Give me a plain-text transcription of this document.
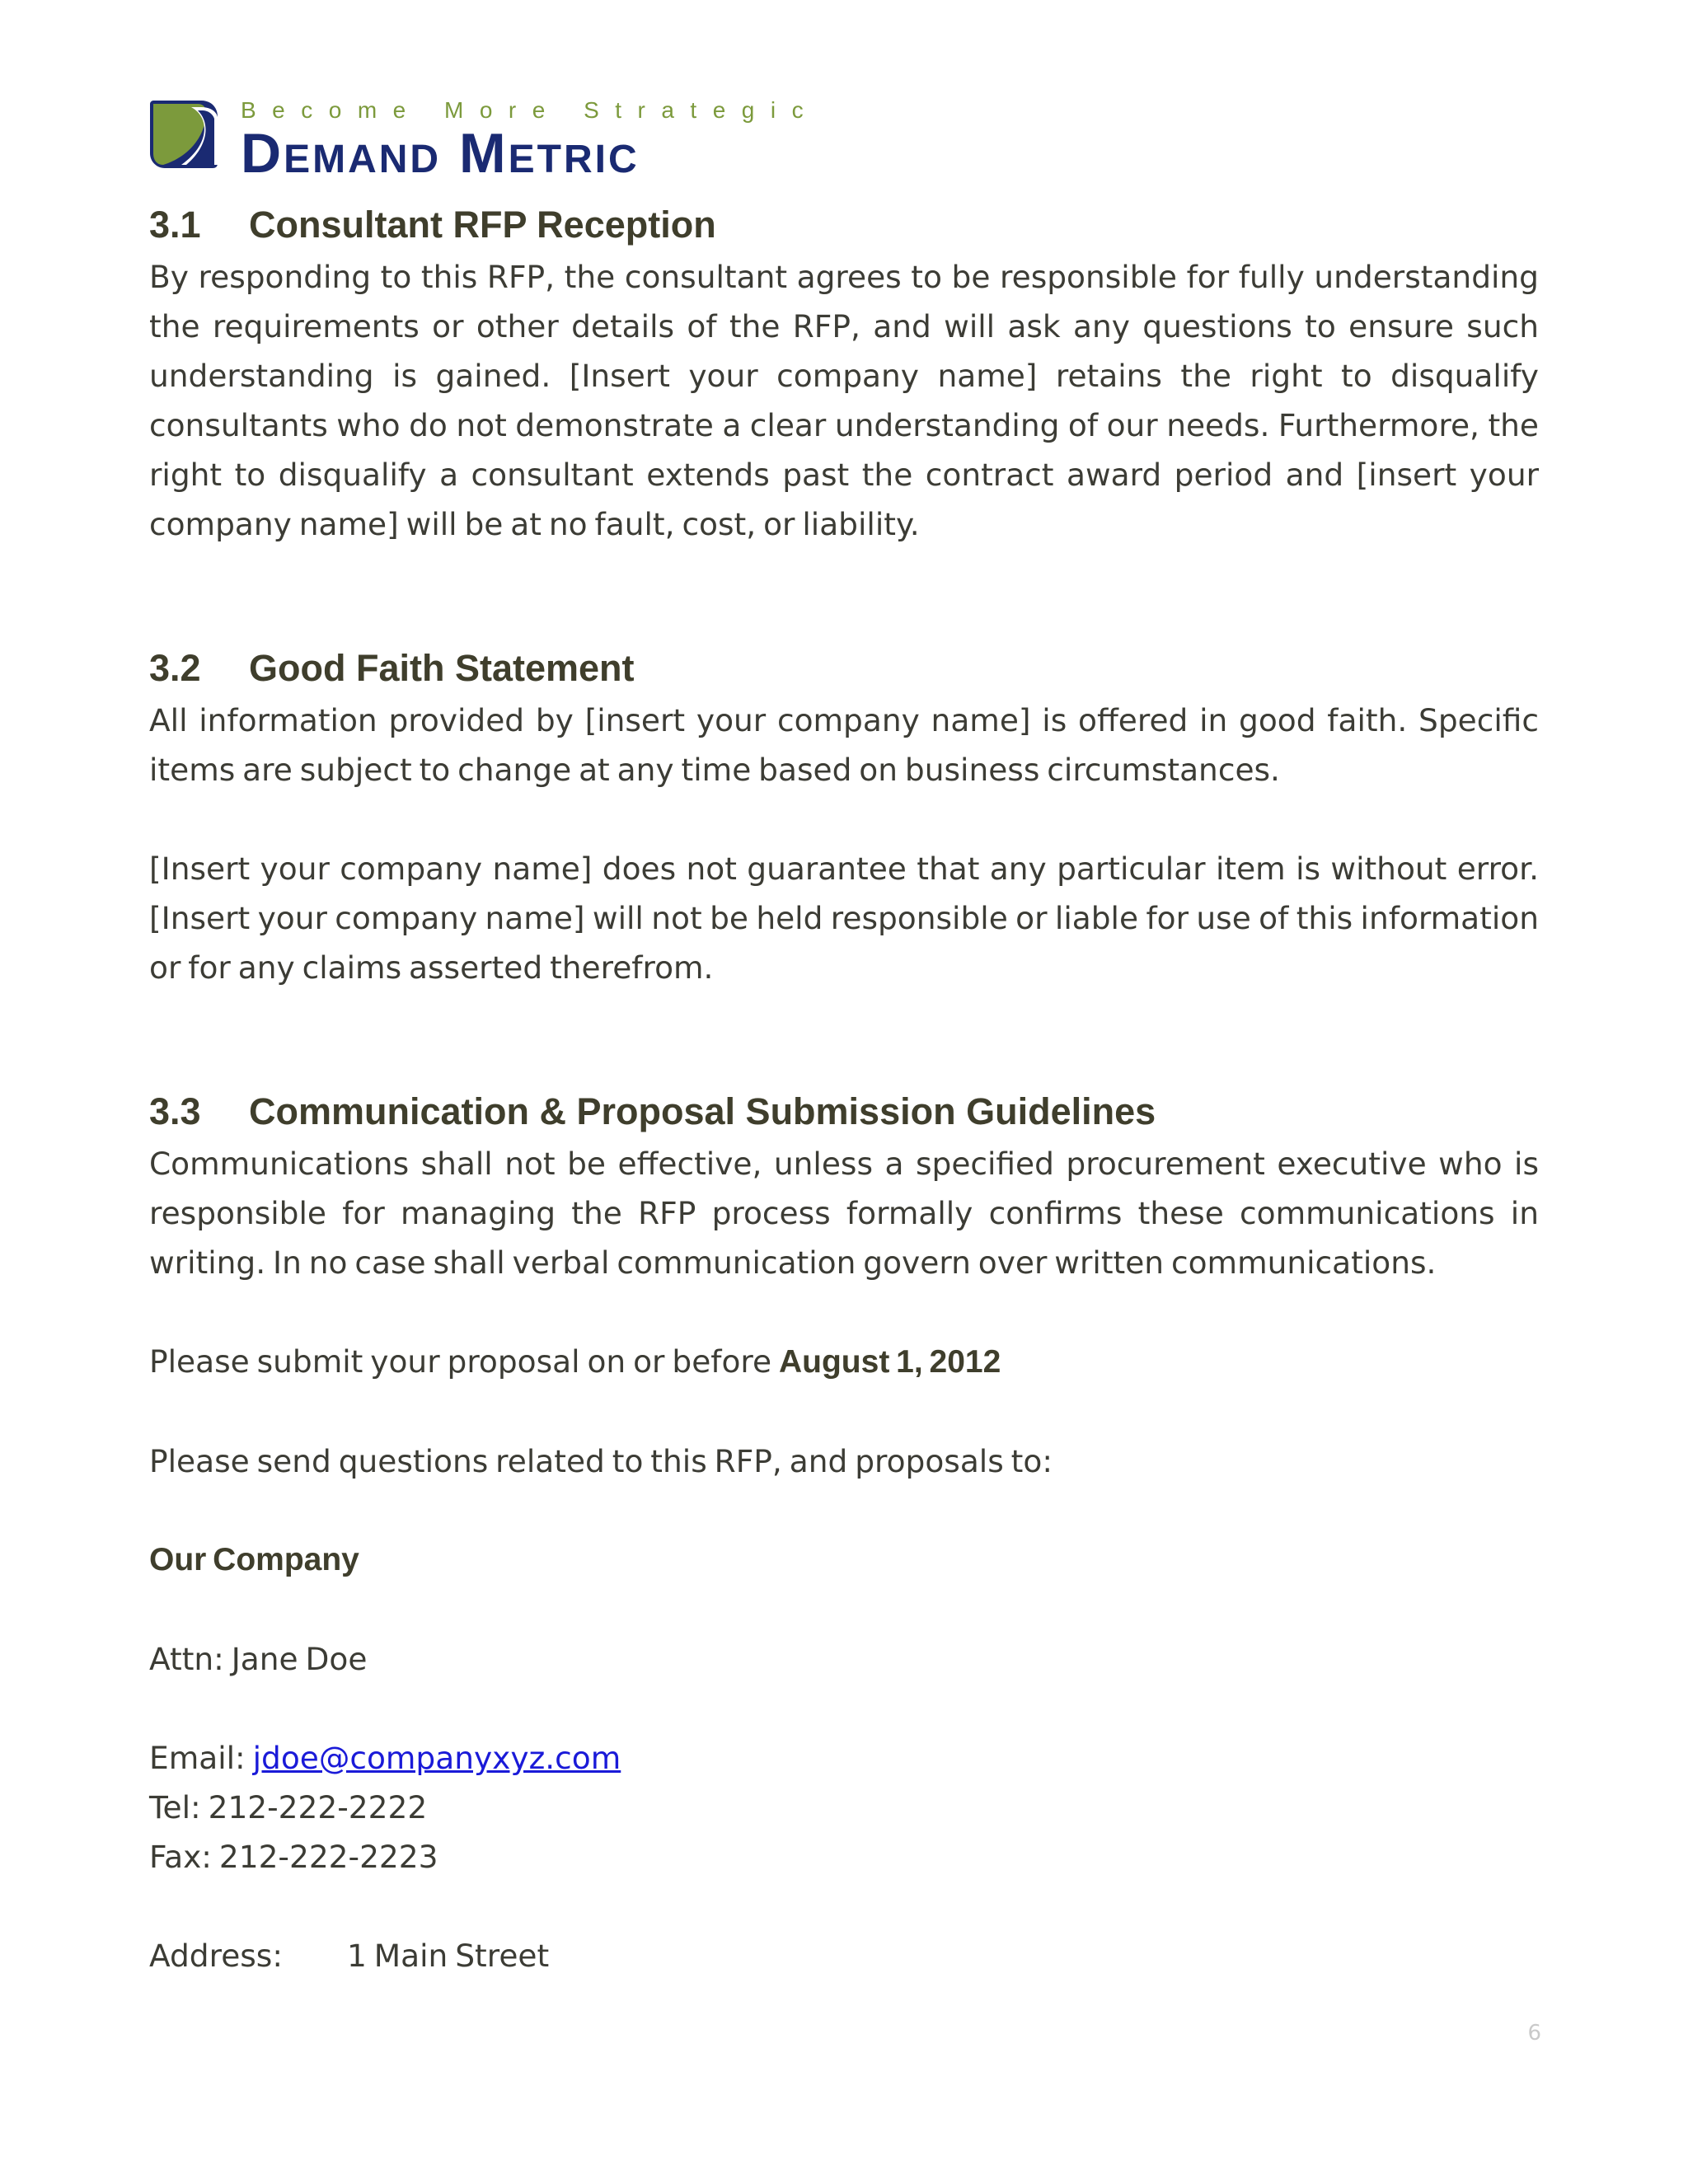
Become More Strategic
Demand Metric
3.1	Consultant RFP Reception

By responding to this RFP, the consultant agrees to be responsible for fully understanding the requirements or other details of the RFP, and will ask any questions to ensure such understanding is gained. [Insert your company name] retains the right to disqualify consultants who do not demonstrate a clear understanding of our needs. Furthermore, the right to disqualify a consultant extends past the contract award period and [insert your company name] will be at no fault, cost, or liability.

3.2	Good Faith Statement

All information provided by [insert your company name] is offered in good faith. Specific items are subject to change at any time based on business circumstances.

[Insert your company name] does not guarantee that any particular item is without error. [Insert your company name] will not be held responsible or liable for use of this information or for any claims asserted therefrom.

3.3	Communication & Proposal Submission Guidelines

Communications shall not be effective, unless a specified procurement executive who is responsible for managing the RFP process formally confirms these communications in writing. In no case shall verbal communication govern over written communications.

Please submit your proposal on or before August 1, 2012
Please send questions related to this RFP, and proposals to:
Our Company
Attn: Jane Doe
Email: jdoe@companyxyz.com
Tel: 212-222-2222
Fax: 212-222-2223
Address: 1 Main Street
6
